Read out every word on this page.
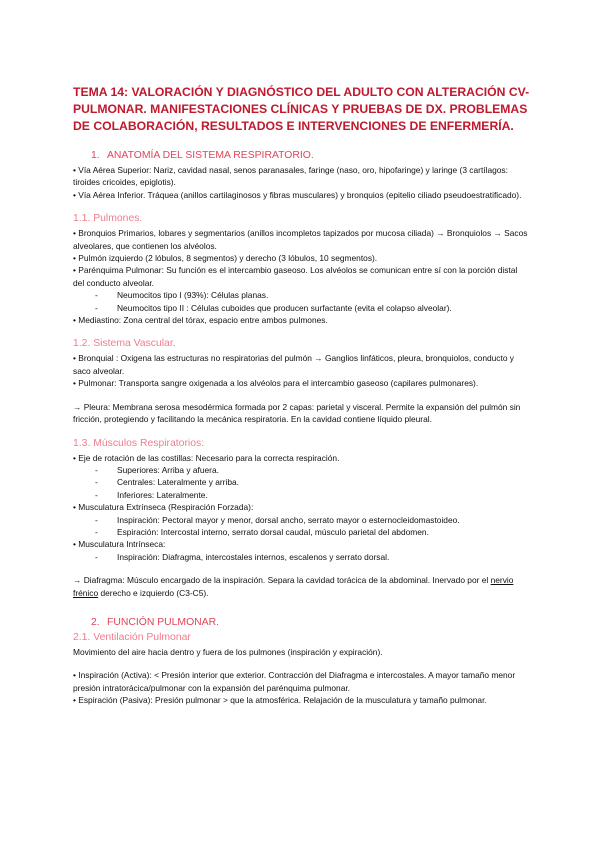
TEMA 14: VALORACIÓN Y DIAGNÓSTICO DEL ADULTO CON ALTERACIÓN CV-PULMONAR. MANIFESTACIONES CLÍNICAS Y PRUEBAS DE DX. PROBLEMAS DE COLABORACIÓN, RESULTADOS E INTERVENCIONES DE ENFERMERÍA.
1. ANATOMÍA DEL SISTEMA RESPIRATORIO.

• Vía Aérea Superior: Nariz, cavidad nasal, senos paranasales, faringe (naso, oro, hipofaringe) y laringe (3 cartílagos: tiroides cricoides, epiglotis).

• Vía Aérea Inferior. Tráquea (anillos cartilaginosos y fibras musculares) y bronquios (epitelio ciliado pseudoestratificado).

1.1. Pulmones.

• Bronquios Primarios, lobares y segmentarios (anillos incompletos tapizados por mucosa ciliada) → Bronquiolos → Sacos alveolares, que contienen los alvéolos.

• Pulmón izquierdo (2 lóbulos, 8 segmentos) y derecho (3 lóbulos, 10 segmentos).

• Parénquima Pulmonar: Su función es el intercambio gaseoso. Los alvéolos se comunican entre sí con la porción distal del conducto alveolar.

- Neumocitos tipo I (93%): Células planas.

- Neumocitos tipo II : Células cuboides que producen surfactante (evita el colapso alveolar).

• Mediastino: Zona central del tórax, espacio entre ambos pulmones.

1.2. Sistema Vascular.

• Bronquial : Oxigena las estructuras no respiratorias del pulmón → Ganglios linfáticos, pleura, bronquiolos, conducto y saco alveolar.

• Pulmonar: Transporta sangre oxigenada a los alvéolos para el intercambio gaseoso (capilares pulmonares).

→ Pleura: Membrana serosa mesodérmica formada por 2 capas: parietal y visceral. Permite la expansión del pulmón sin fricción, protegiendo y facilitando la mecánica respiratoria. En la cavidad contiene líquido pleural.

1.3. Músculos Respiratorios:

• Eje de rotación de las costillas: Necesario para la correcta respiración.

- Superiores: Arriba y afuera.

- Centrales: Lateralmente y arriba.

- Inferiores: Lateralmente.

• Musculatura Extrínseca (Respiración Forzada):

- Inspiración: Pectoral mayor y menor, dorsal ancho, serrato mayor o esternocleidomastoideo.

- Espiración: Intercostal interno, serrato dorsal caudal, músculo parietal del abdomen.

• Musculatura Intrínseca:

- Inspiración: Diafragma, intercostales internos, escalenos y serrato dorsal.

→ Diafragma: Músculo encargado de la inspiración. Separa la cavidad torácica de la abdominal. Inervado por el nervio frénico derecho e izquierdo (C3-C5).

2. FUNCIÓN PULMONAR.
2.1. Ventilación Pulmonar

Movimiento del aire hacia dentro y fuera de los pulmones (inspiración y expiración).

• Inspiración (Activa): < Presión interior que exterior. Contracción del Diafragma e intercostales. A mayor tamaño menor presión intratorácica/pulmonar con la expansión del parénquima pulmonar.

• Espiración (Pasiva): Presión pulmonar > que la atmosférica. Relajación de la musculatura y tamaño pulmonar.
